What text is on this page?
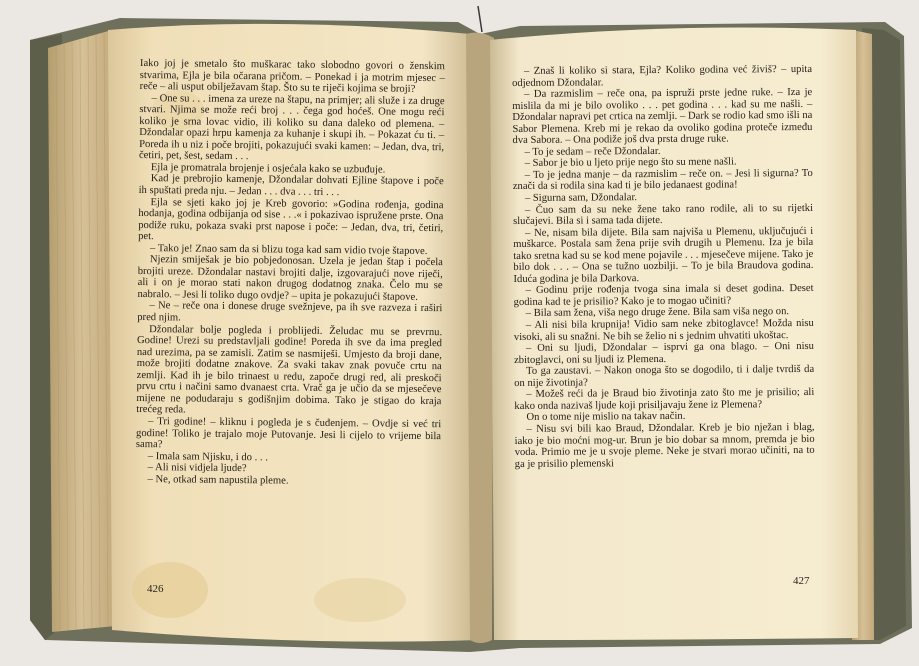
Iako joj je smetalo što muškarac tako slobodno govori o ženskim stvarima, Ejla je bila očarana pričom. – Ponekad i ja motrim mjesec – reče – ali usput obilježavam štap. Što su te riječi kojima se broji?

– One su . . . imena za ureze na štapu, na primjer; ali služe i za druge stvari. Njima se može reći broj . . . čega god hoćeš. One mogu reći koliko je srna lovac vidio, ili koliko su dana daleko od plemena. – Džondalar opazi hrpu kamenja za kuhanje i skupi ih. – Pokazat ću ti. – Poreda ih u niz i poče brojiti, pokazujući svaki kamen: – Jedan, dva, tri, četiri, pet, šest, sedam . . .

Ejla je promatrala brojenje i osjećala kako se uzbuđuje.

Kad je prebrojio kamenje, Džondalar dohvati Ejline štapove i poče ih spuštati preda nju. – Jedan . . . dva . . . tri . . .

Ejla se sjeti kako joj je Kreb govorio: »Godina rođenja, godina hodanja, godina odbijanja od sise . . .« i pokazivao ispružene prste. Ona podiže ruku, pokaza svaki prst napose i poče: – Jedan, dva, tri, četiri, pet.

– Tako je! Znao sam da si blizu toga kad sam vidio tvoje štapove.

Njezin smiješak je bio pobjedonosan. Uzela je jedan štap i počela brojiti ureze. Džondalar nastavi brojiti dalje, izgovarajući nove riječi, ali i on je morao stati nakon drugog dodatnog znaka. Čelo mu se nabralo. – Jesi li toliko dugo ovdje? – upita je pokazujući štapove.

– Ne – reče ona i donese druge svežnjeve, pa ih sve razveza i raširi pred njim.

Džondalar bolje pogleda i problijedi. Želudac mu se prevrnu. Godine! Urezi su predstavljali godine! Poreda ih sve da ima pregled nad urezima, pa se zamisli. Zatim se nasmiješi. Umjesto da broji dane, može brojiti dodatne znakove. Za svaki takav znak povuče crtu na zemlji. Kad ih je bilo trinaest u redu, započe drugi red, ali preskoči prvu crtu i načini samo dvanaest crta. Vrač ga je učio da se mjesečeve mijene ne podudaraju s godišnjim dobima. Tako je stigao do kraja trećeg reda.

– Tri godine! – kliknu i pogleda je s čuđenjem. – Ovdje si već tri godine! Toliko je trajalo moje Putovanje. Jesi li cijelo to vrijeme bila sama?

– Imala sam Njisku, i do . . .

– Ali nisi vidjela ljude?

– Ne, otkad sam napustila pleme.

– Znaš li koliko si stara, Ejla? Koliko godina već živiš? – upita odjednom Džondalar.

– Da razmislim – reče ona, pa ispruži prste jedne ruke. – Iza je mislila da mi je bilo ovoliko . . . pet godina . . . kad su me našli. – Džondalar napravi pet crtica na zemlji. – Dark se rodio kad smo išli na Sabor Plemena. Kreb mi je rekao da ovoliko godina proteče između dva Sabora. – Ona podiže još dva prsta druge ruke.

– To je sedam – reče Džondalar.

– Sabor je bio u ljeto prije nego što su mene našli.

– To je jedna manje – da razmislim – reče on. – Jesi li sigurna? To znači da si rodila sina kad ti je bilo jedanaest godina!

– Sigurna sam, Džondalar.

– Čuo sam da su neke žene tako rano rodile, ali to su rijetki slučajevi. Bila si i sama tada dijete.

– Ne, nisam bila dijete. Bila sam najviša u Plemenu, uključujući i muškarce. Postala sam žena prije svih drugih u Plemenu. Iza je bila tako sretna kad su se kod mene pojavile . . . mjesečeve mijene. Tako je bilo dok . . . – Ona se tužno uozbilji. – To je bila Braudova godina. Iduća godina je bila Darkova.

– Godinu prije rođenja tvoga sina imala si deset godina. Deset godina kad te je prisilio? Kako je to mogao učiniti?

– Bila sam žena, viša nego druge žene. Bila sam viša nego on.

– Ali nisi bila krupnija! Vidio sam neke zbitoglavce! Možda nisu visoki, ali su snažni. Ne bih se želio ni s jednim uhvatiti ukoštac.

– Oni su ljudi, Džondalar – isprvi ga ona blago. – Oni nisu zbitoglavci, oni su ljudi iz Plemena.

To ga zaustavi. – Nakon onoga što se dogodilo, ti i dalje tvrdiš da on nije životinja?

– Možeš reći da je Braud bio životinja zato što me je prisilio; ali kako onda nazivaš ljude koji prisiljavaju žene iz Plemena?

On o tome nije mislio na takav način.

– Nisu svi bili kao Braud, Džondalar. Kreb je bio nježan i blag, iako je bio moćni mog-ur. Brun je bio dobar sa mnom, premda je bio voda. Primio me je u svoje pleme. Neke je stvari morao učiniti, na to ga je prisilio plemenski

426
427
